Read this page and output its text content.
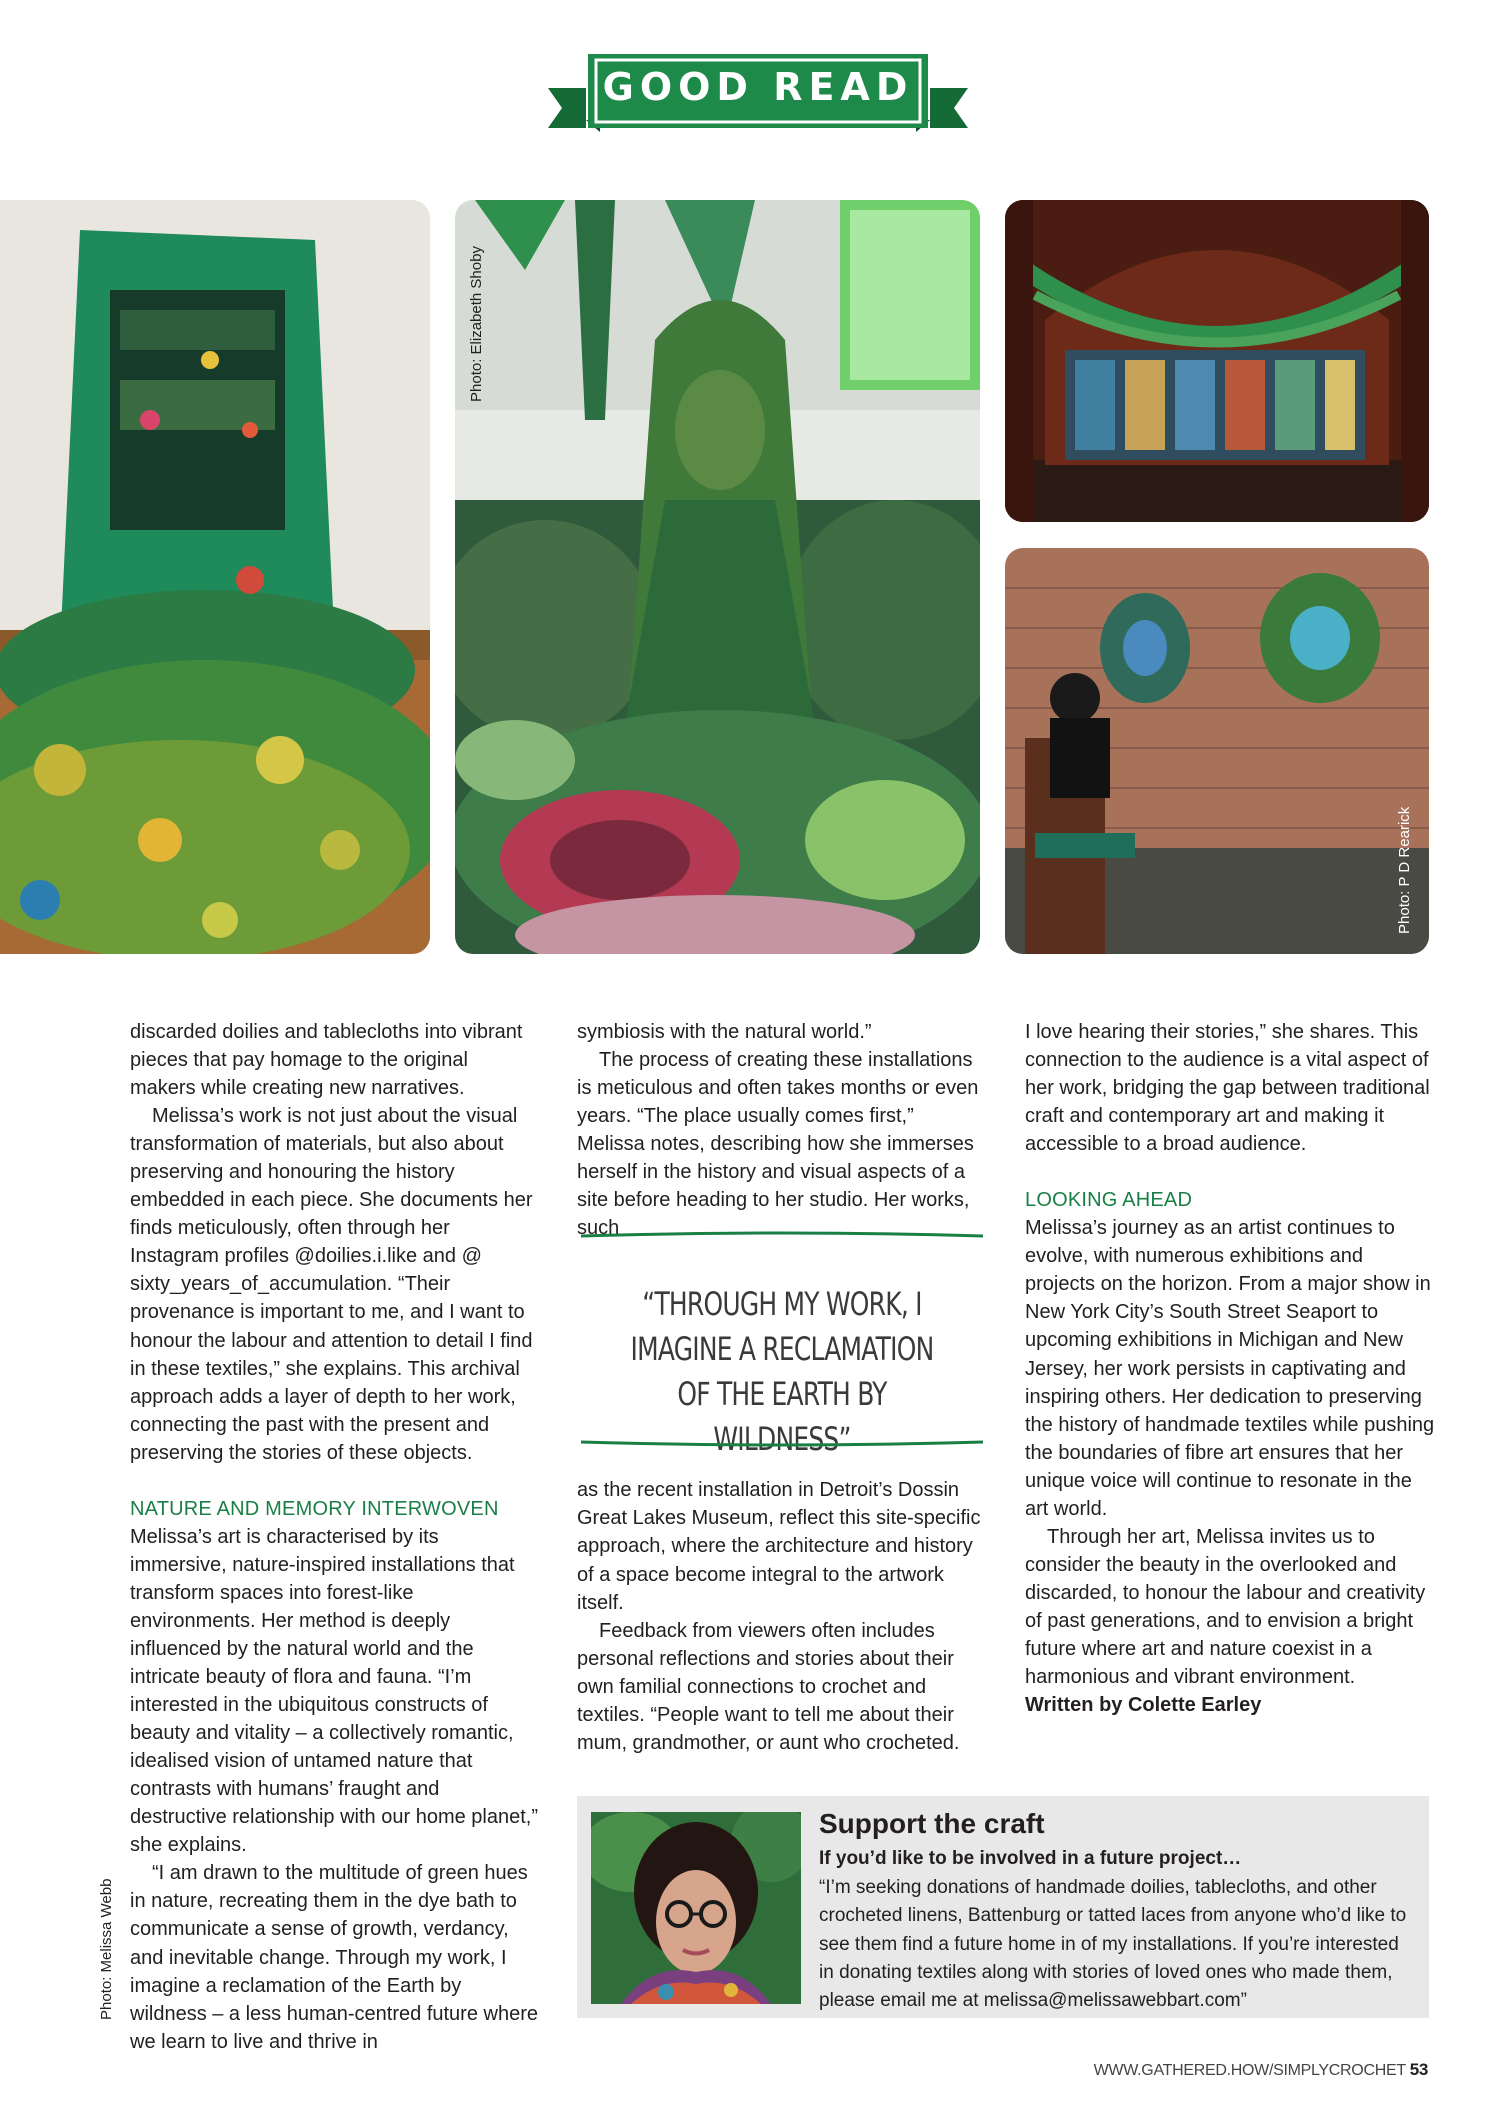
GOOD READ
Photo: Elizabeth Shoby
Photo: P D Rearick
Photo: Melissa Webb

discarded doilies and tablecloths into vibrant pieces that pay homage to the original makers while creating new narratives.

Melissa’s work is not just about the visual transformation of materials, but also about preserving and honouring the history embedded in each piece. She documents her finds meticulously, often through her Instagram profiles @doilies.i.like and @ sixty_years_of_accumulation. “Their provenance is important to me, and I want to honour the labour and attention to detail I find in these textiles,” she explains. This archival approach adds a layer of depth to her work, connecting the past with the present and preserving the stories of these objects.

NATURE AND MEMORY INTERWOVEN

Melissa’s art is characterised by its immersive, nature-inspired installations that transform spaces into forest-like environments. Her method is deeply influenced by the natural world and the intricate beauty of flora and fauna. “I’m interested in the ubiquitous constructs of beauty and vitality – a collectively romantic, idealised vision of untamed nature that contrasts with humans’ fraught and destructive relationship with our home planet,” she explains.

“I am drawn to the multitude of green hues in nature, recreating them in the dye bath to communicate a sense of growth, verdancy, and inevitable change. Through my work, I imagine a reclamation of the Earth by wildness – a less human-centred future where we learn to live and thrive in

symbiosis with the natural world.”

The process of creating these installations is meticulous and often takes months or even years. “The place usually comes first,” Melissa notes, describing how she immerses herself in the history and visual aspects of a site before heading to her studio. Her works, such

as the recent installation in Detroit’s Dossin Great Lakes Museum, reflect this site-specific approach, where the architecture and history of a space become integral to the artwork itself.

Feedback from viewers often includes personal reflections and stories about their own familial connections to crochet and textiles. “People want to tell me about their mum, grandmother, or aunt who crocheted.

“THROUGH MY WORK, I IMAGINE A RECLAMATION OF THE EARTH BY WILDNESS”

I love hearing their stories,” she shares. This connection to the audience is a vital aspect of her work, bridging the gap between traditional craft and contemporary art and making it accessible to a broad audience.

LOOKING AHEAD

Melissa’s journey as an artist continues to evolve, with numerous exhibitions and projects on the horizon. From a major show in New York City’s South Street Seaport to upcoming exhibitions in Michigan and New Jersey, her work persists in captivating and inspiring others. Her dedication to preserving the history of handmade textiles while pushing the boundaries of fibre art ensures that her unique voice will continue to resonate in the art world.

Through her art, Melissa invites us to consider the beauty in the overlooked and discarded, to honour the labour and creativity of past generations, and to envision a bright future where art and nature coexist in a harmonious and vibrant environment.

Written by Colette Earley

Support the craft
If you’d like to be involved in a future project…

“I’m seeking donations of handmade doilies, tablecloths, and other crocheted linens, Battenburg or tatted laces from anyone who’d like to see them find a future home in of my installations. If you’re interested in donating textiles along with stories of loved ones who made them, please email me at melissa@melissawebbart.com”

WWW.GATHERED.HOW/SIMPLYCROCHET 53
